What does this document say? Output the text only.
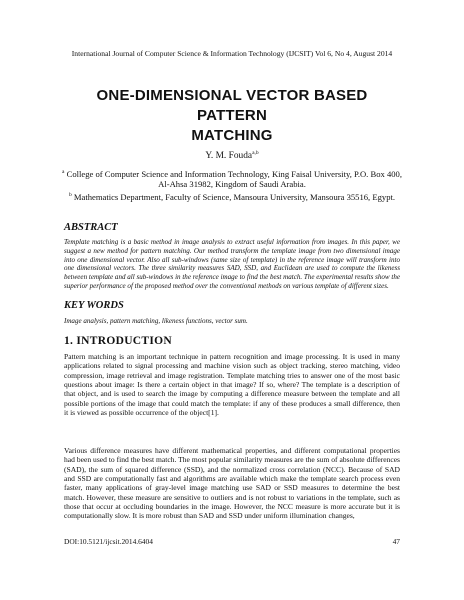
International Journal of Computer Science & Information Technology (IJCSIT) Vol 6, No 4, August 2014
ONE-DIMENSIONAL VECTOR BASED PATTERN
MATCHING
Y. M. Fouda$^{a,b}$
$^a$ College of Computer Science and Information Technology, King Faisal University, P.O. Box 400, Al-Ahsa 31982, Kingdom of Saudi Arabia.
$^b$ Mathematics Department, Faculty of Science, Mansoura University, Mansoura 35516, Egypt.
ABSTRACT
Template matching is a basic method in image analysis to extract useful information from images. In this paper, we suggest a new method for pattern matching. Our method transform the template image from two dimensional image into one dimensional vector. Also all sub-windows (same size of template) in the reference image will transform into one dimensional vectors. The three similarity measures SAD, SSD, and Euclidean are used to compute the likeness between template and all sub-windows in the reference image to find the best match. The experimental results show the superior performance of the proposed method over the conventional methods on various template of different sizes.
KEY WORDS
Image analysis, pattern matching, likeness functions, vector sum.
1. INTRODUCTION
Pattern matching is an important technique in pattern recognition and image processing. It is used in many applications related to signal processing and machine vision such as object tracking, stereo matching, video compression, image retrieval and image registration. Template matching tries to answer one of the most basic questions about image: Is there a certain object in that image? If so, where? The template is a description of that object, and is used to search the image by computing a difference measure between the template and all possible portions of the image that could match the template: if any of these produces a small difference, then it is viewed as possible occurrence of the object[1].
Various difference measures have different mathematical properties, and different computational properties had been used to find the best match. The most popular similarity measures are the sum of absolute differences (SAD), the sum of squared difference (SSD), and the normalized cross correlation (NCC). Because of SAD and SSD are computationally fast and algorithms are available which make the template search process even faster, many applications of gray-level image matching use SAD or SSD measures to determine the best match. However, these measure are sensitive to outliers and is not robust to variations in the template, such as those that occur at occluding boundaries in the image. However, the NCC measure is more accurate but it is computationally slow. It is more robust than SAD and SSD under uniform illumination changes,
DOI:10.5121/ijcsit.2014.6404	47
